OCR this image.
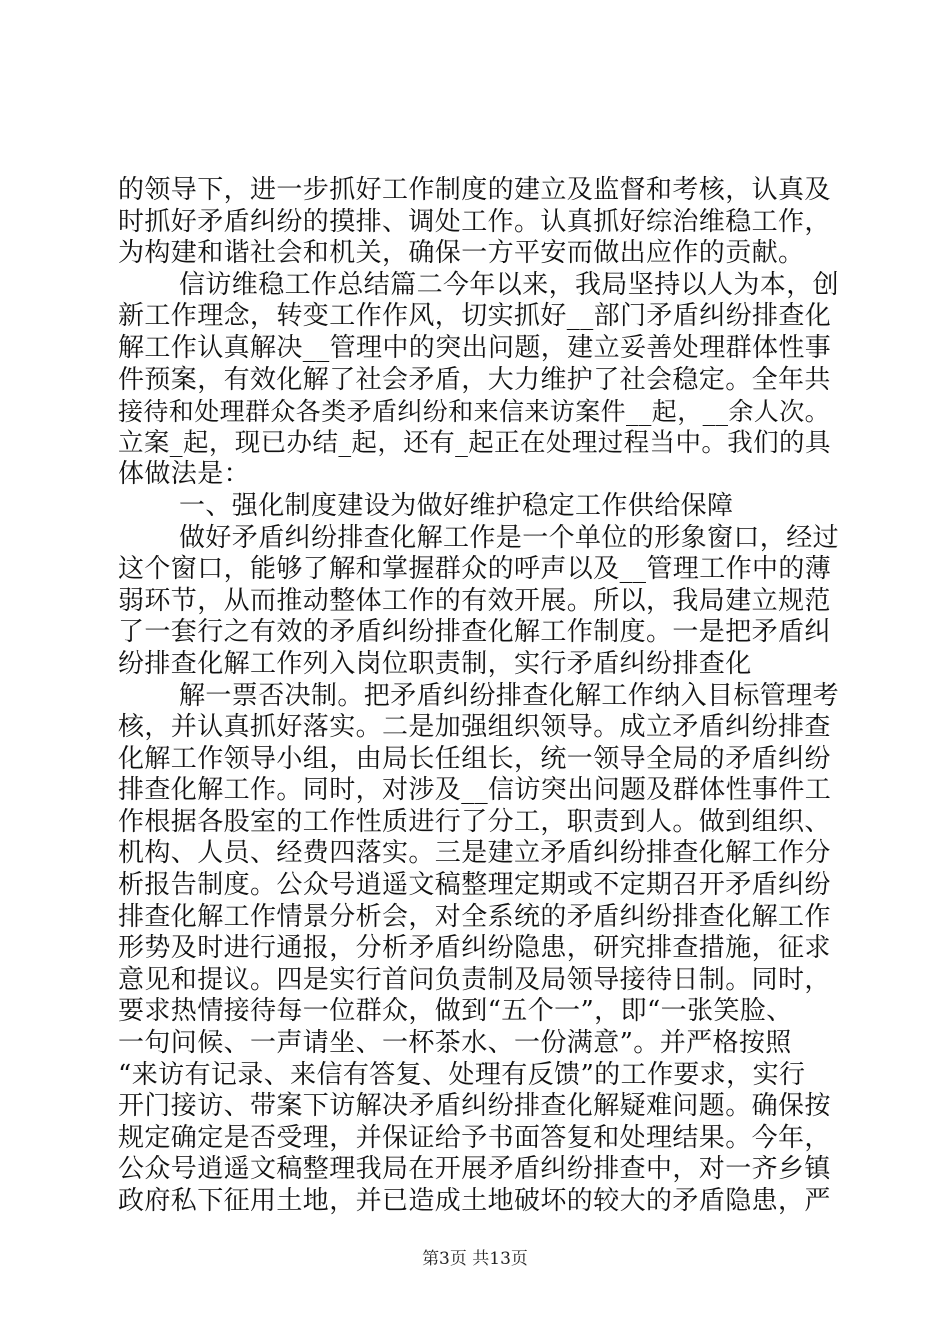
的领导下，进一步抓好工作制度的建立及监督和考核，认真及
时抓好矛盾纠纷的摸排、调处工作。认真抓好综治维稳工作，
为构建和谐社会和机关，确保一方平安而做出应作的贡献。
信访维稳工作总结篇二今年以来，我局坚持以人为本，创
新工作理念，转变工作作风，切实抓好__部门矛盾纠纷排查化
解工作认真解决__管理中的突出问题，建立妥善处理群体性事
件预案，有效化解了社会矛盾，大力维护了社会稳定。全年共
接待和处理群众各类矛盾纠纷和来信来访案件__起，__余人次。
立案_起，现已办结_起，还有_起正在处理过程当中。我们的具
体做法是：
一、强化制度建设为做好维护稳定工作供给保障
做好矛盾纠纷排查化解工作是一个单位的形象窗口，经过
这个窗口，能够了解和掌握群众的呼声以及__管理工作中的薄
弱环节，从而推动整体工作的有效开展。所以，我局建立规范
了一套行之有效的矛盾纠纷排查化解工作制度。一是把矛盾纠
纷排查化解工作列入岗位职责制，实行矛盾纠纷排查化
解一票否决制。把矛盾纠纷排查化解工作纳入目标管理考
核，并认真抓好落实。二是加强组织领导。成立矛盾纠纷排查
化解工作领导小组，由局长任组长，统一领导全局的矛盾纠纷
排查化解工作。同时，对涉及__信访突出问题及群体性事件工
作根据各股室的工作性质进行了分工，职责到人。做到组织、
机构、人员、经费四落实。三是建立矛盾纠纷排查化解工作分
析报告制度。公众号逍遥文稿整理定期或不定期召开矛盾纠纷
排查化解工作情景分析会，对全系统的矛盾纠纷排查化解工作
形势及时进行通报，分析矛盾纠纷隐患，研究排查措施，征求
意见和提议。四是实行首问负责制及局领导接待日制。同时，
要求热情接待每一位群众，做到“五个一”，即“一张笑脸、
一句问候、一声请坐、一杯茶水、一份满意”。并严格按照
“来访有记录、来信有答复、处理有反馈”的工作要求，实行
开门接访、带案下访解决矛盾纠纷排查化解疑难问题。确保按
规定确定是否受理，并保证给予书面答复和处理结果。今年，
公众号逍遥文稿整理我局在开展矛盾纠纷排查中，对一齐乡镇
政府私下征用土地，并已造成土地破坏的较大的矛盾隐患，严
第3页 共13页
